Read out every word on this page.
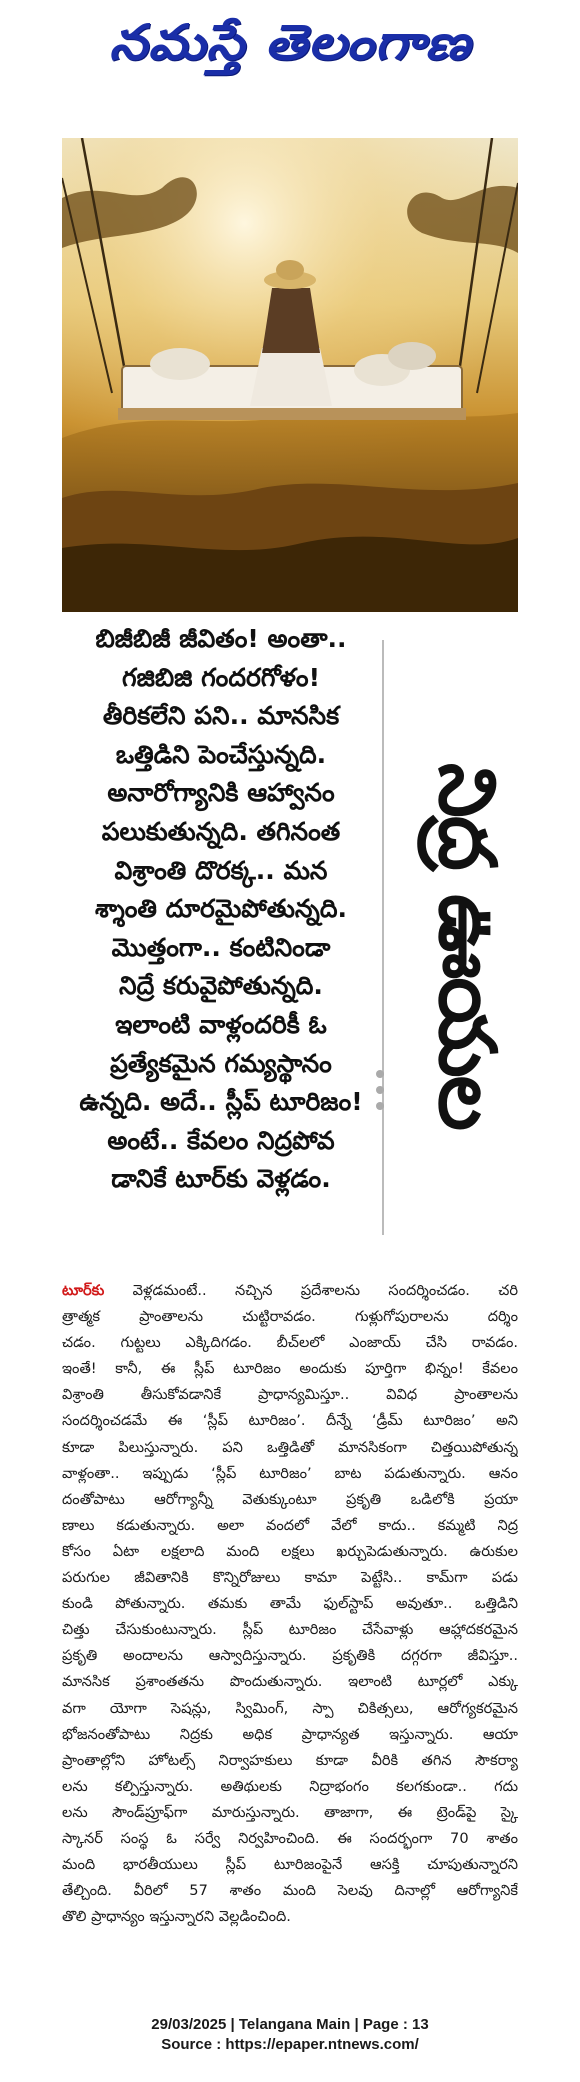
నమస్తే తెలంగాణ
బిజీబిజీ జీవితం! అంతా..
గజిబిజి గందరగోళం!
తీరికలేని పని.. మానసిక
ఒత్తిడిని పెంచేస్తున్నది.
అనారోగ్యానికి ఆహ్వానం
పలుకుతున్నది. తగినంత
విశ్రాంతి దొరక్క.. మన
శ్శాంతి దూరమైపోతున్నది.
మొత్తంగా.. కంటినిండా
నిద్రే కరువైపోతున్నది.
ఇలాంటి వాళ్లందరికీ ఓ
ప్రత్యేకమైన గమ్యస్థానం
ఉన్నది. అదే.. స్లీప్ టూరిజం!
అంటే.. కేవలం నిద్రపోవ
డానికే టూర్‌కు వెళ్లడం.
నిద్ర ఊయల
టూర్‌కు వెళ్లడమంటే.. నచ్చిన ప్రదేశాలను సందర్శించడం. చరి
త్రాత్మక ప్రాంతాలను చుట్టిరావడం. గుళ్లుగోపురాలను దర్శిం
చడం. గుట్టలు ఎక్కిదిగడం. బీచ్‌లలో ఎంజాయ్ చేసి రావడం.
ఇంతే! కానీ, ఈ స్లీప్ టూరిజం అందుకు పూర్తిగా భిన్నం! కేవలం
విశ్రాంతి తీసుకోవడానికే ప్రాధాన్యమిస్తూ.. వివిధ ప్రాంతాలను
సందర్శించడమే ఈ ‘స్లీప్ టూరిజం’. దీన్నే ‘డ్రీమ్ టూరిజం’ అని
కూడా పిలుస్తున్నారు. పని ఒత్తిడితో మానసికంగా చిత్తయిపోతున్న
వాళ్లంతా.. ఇప్పుడు ‘స్లీప్ టూరిజం’ బాట పడుతున్నారు. ఆనం
దంతోపాటు ఆరోగ్యాన్నీ వెతుక్కుంటూ ప్రకృతి ఒడిలోకి ప్రయా
ణాలు కడుతున్నారు. అలా వందలో వేలో కాదు.. కమ్మటి నిద్ర
కోసం ఏటా లక్షలాది మంది లక్షలు ఖర్చుపెడుతున్నారు. ఉరుకుల
పరుగుల జీవితానికి కొన్నిరోజులు కామా పెట్టేసి.. కామ్‌గా పడు
కుండి పోతున్నారు. తమకు తామే ఫుల్‌స్టాప్ అవుతూ.. ఒత్తిడిని
చిత్తు చేసుకుంటున్నారు. స్లీప్ టూరిజం చేసేవాళ్లు ఆహ్లాదకరమైన
ప్రకృతి అందాలను ఆస్వాదిస్తున్నారు. ప్రకృతికి దగ్గరగా జీవిస్తూ..
మానసిక ప్రశాంతతను పొందుతున్నారు. ఇలాంటి టూర్లలో ఎక్కు
వగా యోగా సెషన్లు, స్విమింగ్, స్పా చికిత్సలు, ఆరోగ్యకరమైన
భోజనంతోపాటు నిద్రకు అధిక ప్రాధాన్యత ఇస్తున్నారు. ఆయా
ప్రాంతాల్లోని హోటల్స్ నిర్వాహకులు కూడా వీరికి తగిన సౌకర్యా
లను కల్పిస్తున్నారు. అతిథులకు నిద్రాభంగం కలగకుండా.. గదు
లను సౌండ్‌ప్రూఫ్‌గా మారుస్తున్నారు. తాజాగా, ఈ ట్రెండ్‌పై స్కై
స్కానర్ సంస్థ ఓ సర్వే నిర్వహించింది. ఈ సందర్భంగా 70 శాతం
మంది భారతీయులు స్లీప్ టూరిజంపైనే ఆసక్తి చూపుతున్నారని
తేల్చింది. వీరిలో 57 శాతం మంది సెలవు దినాల్లో ఆరోగ్యానికే
తొలి ప్రాధాన్యం ఇస్తున్నారని వెల్లడించింది.
29/03/2025 | Telangana Main | Page : 13
Source : https://epaper.ntnews.com/
